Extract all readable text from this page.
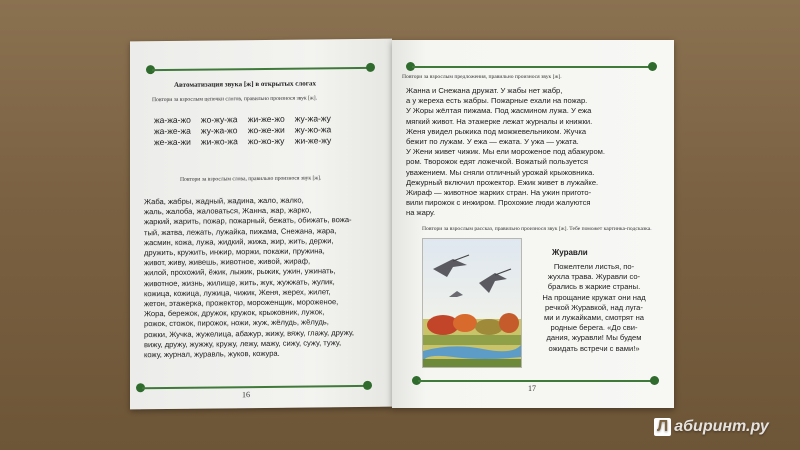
Автоматизация звука [ж] в открытых слогах
Повтори за взрослым цепочки слогов, правильно произнося звук [ж].
жа-жа-жо жо-жу-жа жи-же-жо жу-жа-жу
жа-же-жа жу-жа-жо жо-же-жи жу-жо-жа
же-жа-жи жи-жо-жа жо-жо-жу жи-же-жу
Повтори за взрослым слова, правильно произнося звук [ж].
Жаба, жабры, жадный, жадина, жало, жалко,
жаль, жалоба, жаловаться, Жанна, жар, жарко,
жаркий, жарить, пожар, пожарный, бежать, обижать, вожа-
тый, жатва, лежать, лужайка, пижама, Снежана, жара,
жасмин, кожа, лужа, жидкий, жижа, жир, жить, держи,
дружить, кружить, инжир, моржи, покажи, пружина,
живот, живу, живешь, животное, живой, жираф,
жилой, прохожий, ёжик, лыжик, рыжик, ужин, ужинать,
животное, жизнь, жилище, жить, жук, жужжать, жулик,
кожица, кожица, лужица, чижик, Женя, жерех, жилет,
жетон, этажерка, прожектор, мороженщик, мороженое,
Жора, бережок, дружок, кружок, крыжовник, лужок,
рожок, стожок, пирожок, ножи, жуж, жёлудь, жёлудь,
рожки, Жучка, жужелица, абажур, жижу, вяжу, глажу, дружу,
вижу, дружу, жужжу, кружу, лежу, мажу, сижу, сужу, тужу,
кожу, журнал, журавль, жуков, кожура.
16
Повтори за взрослым предложения, правильно произнося звук [ж].
Жанна и Снежана дружат. У жабы нет жабр,
а у жереха есть жабры. Пожарные ехали на пожар.
У Жоры жёлтая пижама. Под жасмином лужа. У ежа
мягкий живот. На этажерке лежат журналы и книжки.
Женя увидел рыжика под можжевельником. Жучка
бежит по лужам. У ежа — ежата. У ужа — ужата.
У Жени живет чижик. Мы ели мороженое под абажуром.
ром. Творожок едят ложечкой. Вожатый пользуется
уважением. Мы сняли отличный урожай крыжовника.
Дежурный включил прожектор. Ежик живет в лужайке.
Жираф — животное жарких стран. На ужин пригото-
вили пирожок с инжиром. Прохожие люди жалуются
на жару.
Повтори за взрослым рассказ, правильно произнося звук [ж]. Тебе поможет картинка-подсказка.
Журавли
Пожелтели листья, по-
жухла трава. Журавли со-
брались в жаркие страны.
На прощание кружат они над
речкой Журавкой, над луга-
ми и лужайками, смотрят на
родные берега. «До сви-
дания, журавли! Мы будем
ожидать встречи с вами!»
17
Л абиринт.ру
